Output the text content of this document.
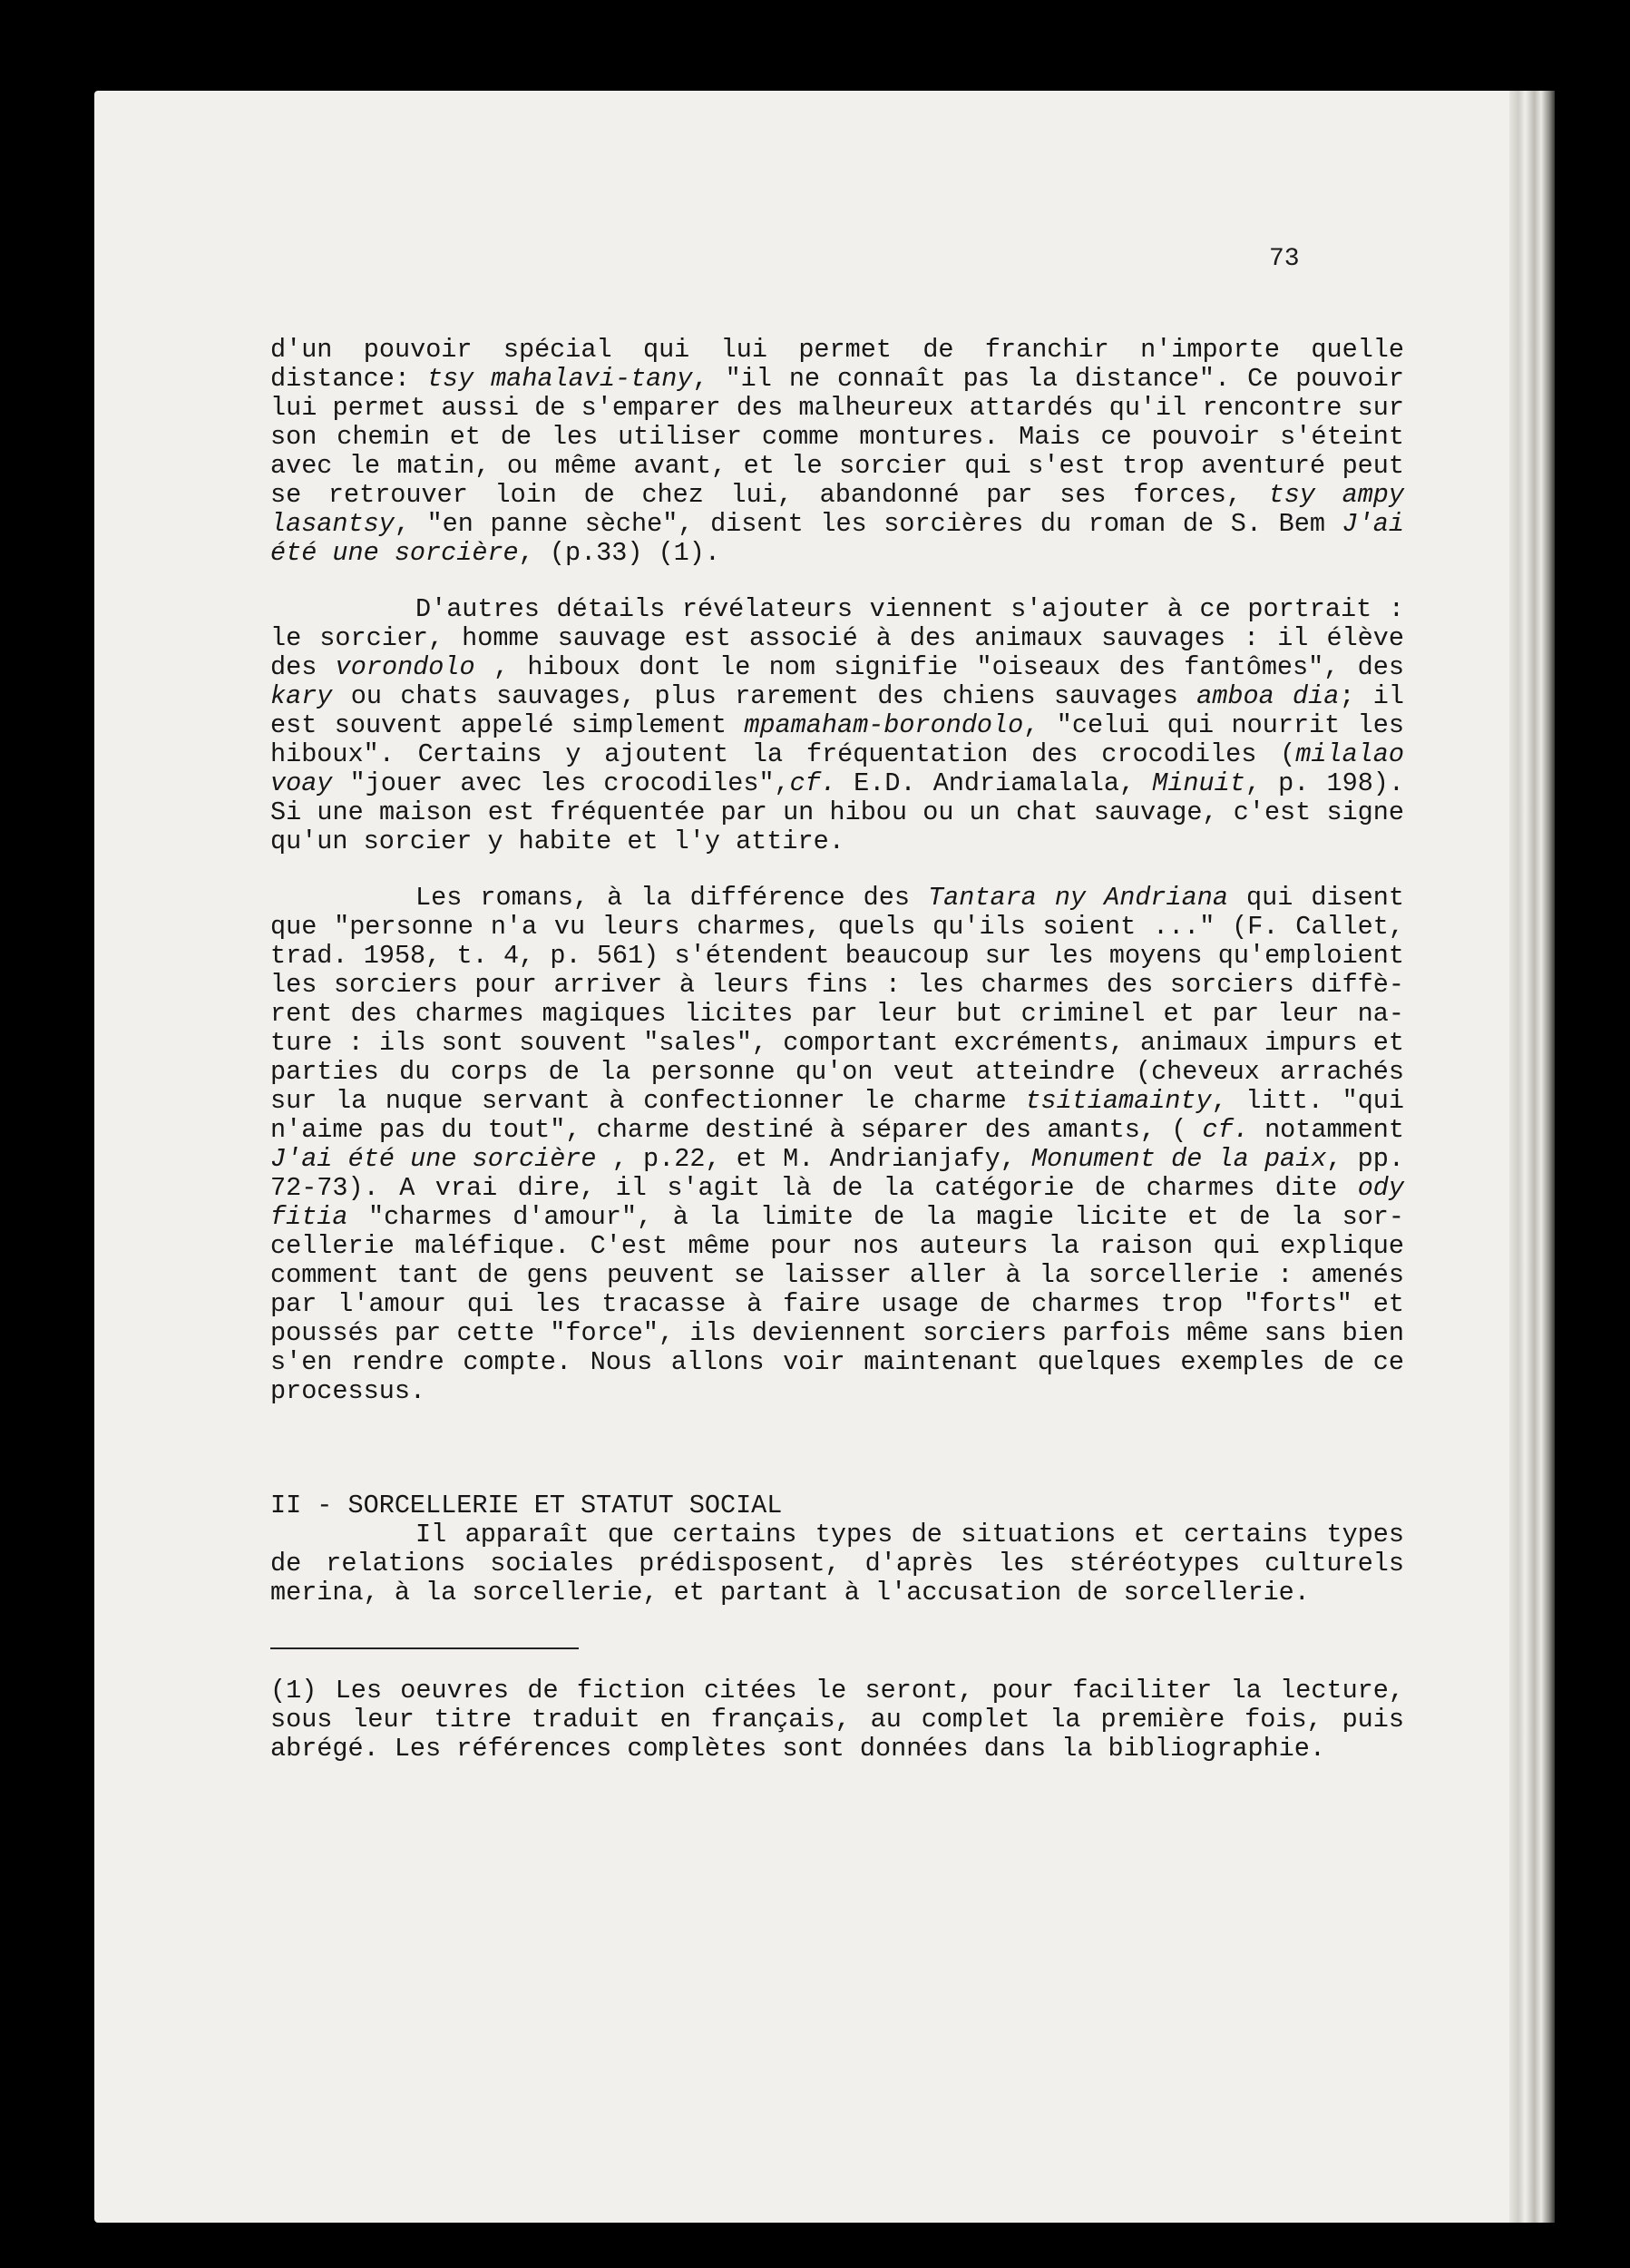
73

d'un pouvoir spécial qui lui permet de franchir n'importe quelle distance: tsy mahalavi-tany, "il ne connaît pas la distance". Ce pouvoir lui permet aussi de s'emparer des malheureux attardés qu'il rencontre sur son chemin et de les utiliser comme montures. Mais ce pouvoir s'éteint avec le matin, ou même avant, et le sorcier qui s'est trop aventuré peut se retrouver loin de chez lui, abandonné par ses forces, tsy ampy lasantsy, "en panne sèche", disent les sorcières du roman de S. Bem J'ai été une sorcière, (p.33) (1).

D'autres détails révélateurs viennent s'ajouter à ce portrait : le sorcier, homme sauvage est associé à des animaux sauvages : il élève des vorondolo , hiboux dont le nom signifie "oiseaux des fantômes", des kary ou chats sauvages, plus rarement des chiens sauvages amboa dia; il est souvent appelé simplement mpamaham-borondolo, "celui qui nourrit les hiboux". Certains y ajoutent la fréquentation des crocodiles (milalao voay "jouer avec les crocodiles",cf. E.D. Andriamalala, Minuit, p. 198). Si une maison est fréquentée par un hibou ou un chat sauvage, c'est signe qu'un sorcier y habite et l'y attire.

Les romans, à la différence des Tantara ny Andriana qui disent que "personne n'a vu leurs charmes, quels qu'ils soient ..." (F. Callet, trad. 1958, t. 4, p. 561) s'étendent beaucoup sur les moyens qu'emploient les sorciers pour arriver à leurs fins : les charmes des sorciers diffè-rent des charmes magiques licites par leur but criminel et par leur na-ture : ils sont souvent "sales", comportant excréments, animaux impurs et parties du corps de la personne qu'on veut atteindre (cheveux arrachés sur la nuque servant à confectionner le charme tsitiamainty, litt. "qui n'aime pas du tout", charme destiné à séparer des amants, ( cf. notamment J'ai été une sorcière , p.22, et M. Andrianjafy, Monument de la paix, pp. 72-73). A vrai dire, il s'agit là de la catégorie de charmes dite ody fitia "charmes d'amour", à la limite de la magie licite et de la sor-cellerie maléfique. C'est même pour nos auteurs la raison qui explique comment tant de gens peuvent se laisser aller à la sorcellerie : amenés par l'amour qui les tracasse à faire usage de charmes trop "forts" et poussés par cette "force", ils deviennent sorciers parfois même sans bien s'en rendre compte. Nous allons voir maintenant quelques exemples de ce processus.

II - SORCELLERIE ET STATUT SOCIAL

Il apparaît que certains types de situations et certains types de relations sociales prédisposent, d'après les stéréotypes culturels merina, à la sorcellerie, et partant à l'accusation de sorcellerie.

(1) Les oeuvres de fiction citées le seront, pour faciliter la lecture, sous leur titre traduit en français, au complet la première fois, puis abrégé. Les références complètes sont données dans la bibliographie.
